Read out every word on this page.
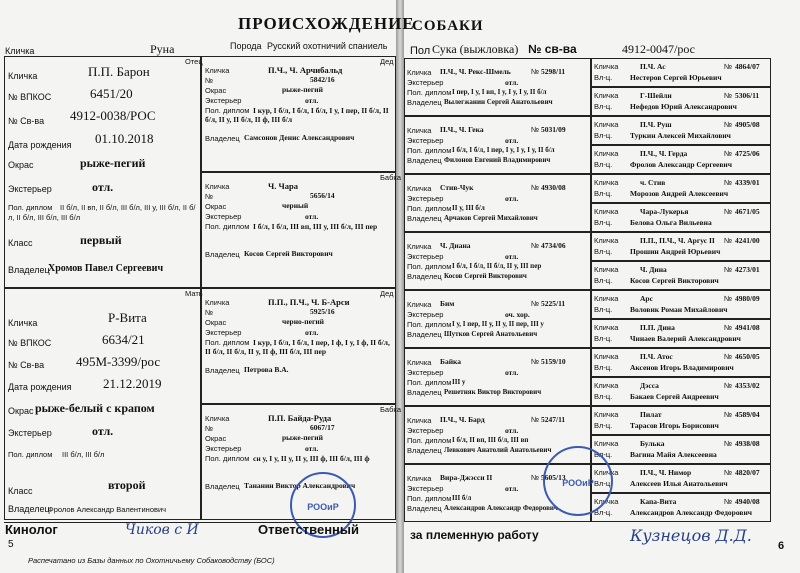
ПРОИСХОЖДЕНИЕ
СОБАКИ
Порода Русский охотничий спаниель
Кличка	Руна	Пол Сука (выжловка) № св-ва	4912-0047/рос
Отец
Кличка	П.П. Барон
№ ВПКОС	6451/20
№ Св-ва 4912-0038/РОС
Дата рождения 01.10.2018
Окрас	рыже-пегий
Экстерьер	отл.
Пол. диплом	II б/л, II вп, II б/л, III б/л, III у, III б/л, II б/л, II б/л, III б/л, III б/л
Класс	первый
Владелец
Хромов Павел Сергеевич
Мать
Кличка	Р-Вита
№ ВПКОС	6634/21
№ Св-ва 495М-3399/рос
Дата рождения 21.12.2019
Окрас рыже-белый с крапом
Экстерьер	отл.
Пол. диплом III б/л, III б/л
Класс	второй
Владелец
Фролов Александр Валентинович
Дед
Кличка	П.Ч., Ч. Арчибальд
№	5842/16
Окрас	рыже-пегий
Экстерьер	отл.
Пол. диплом I кур, I б/л, I б/л, I б/л, I у, I пер, II б/л, II б/л, II у, II б/л, II ф, III б/л
Владелец Самсонов Денис Александрович
Бабка
Кличка	Ч. Чара
№	5656/14
Окрас	черный
Экстерьер	отл.
Пол. диплом I б/л, I б/л, III вп, III у, III б/л, III пер
Владелец Косов Сергей Викторович
Дед
Кличка	П.П., П.Ч., Ч. Б-Арси
№	5925/16
Окрас	черно-пегий
Экстерьер	отл.
Пол. диплом I кур, I б/л, I б/л, I пер, I ф, I у, I ф, II б/л, II б/л, II б/л, II у, II ф, III б/л, III пер
Владелец Петрова В.А.
Бабка
Кличка	П.П. Байда-Руда
№	6067/17
Окрас	рыже-пегий
Экстерьер	отл.
Пол. диплом сн у, I у, II у, II у, III ф, III б/л, III ф
Владелец Тананин Виктор Александрович
Кличка П.Ч., Ч. Рекс-Шмель	№ 5298/11
Экстерьер	отл.
Пол. диплом I пер, I у, I вп, I у, I у, I у, II б/л
Владелец Вылегжанин Сергей Анатольевич
Кличка П.Ч., Ч. Гека	№ 5031/09
Экстерьер	отл.
Пол. диплом I б/л, I б/л, I пер, I у, I у, I у, II б/л
Владелец Филонов Евгений Владимирович
Кличка Стив-Чук	№ 4930/08
Экстерьер	отл.
Пол. диплом II у, III б/л
Владелец Арчаков Сергей Михайлович
Кличка Ч. Диана	№ 4734/06
Экстерьер	отл.
Пол. диплом I б/л, I б/л, II б/л, II у, III пер
Владелец Косов Сергей Викторович
Кличка Бим	№ 5225/11
Экстерьер	оч. хор.
Пол. диплом I у, I пер, II у, II у, II пер, III у
Владелец Шутков Сергей Анатольевич
Кличка Байка	№ 5159/10
Экстерьер	отл.
Пол. диплом III у
Владелец Решетняк Виктор Викторович
Кличка П.Ч., Ч. Бард	№ 5247/11
Экстерьер	отл.
Пол. диплом I б/л, II вп, III б/л, III вп
Владелец Левкович Анатолий Анатольевич
Кличка Вира-Джэсси II	№ 5605/13
Экстерьер	отл.
Пол. диплом III б/л
Владелец Александров Александр Федорович
Кличка	П.Ч. Ас	№ 4864/07
Вл-ц. Нестеров Сергей Юрьевич
Кличка	Г-Шейли	№ 5306/11
Вл-ц. Нефедов Юрий Александрович
Кличка	П.Ч. Руш	№ 4905/08
Вл-ц. Туркин Алексей Михайлович
Кличка	П.Ч., Ч. Герда	№ 4725/06
Вл-ц. Фролов Александр Сергеевич
Кличка	ч. Стив	№ 4339/01
Вл-ц. Морозов Андрей Алексеевич
Кличка	Чара-Лукерья	№ 4671/05
Вл-ц. Белова Ольга Вильевна
Кличка	П.П., П.Ч., Ч. Аргус II № 4241/00
Вл-ц. Прошин Андрей Юрьевич
Кличка	Ч. Дина	№ 4273/01
Вл-ц. Косов Сергей Викторович
Кличка	Арс	№ 4980/09
Вл-ц. Воловик Роман Михайлович
Кличка	П.П. Дина	№ 4941/08
Вл-ц. Чинаев Валерий Александрович
Кличка	П.Ч. Атос	№ 4650/05
Вл-ц. Аксенов Игорь Владимирович
Кличка	Дэсса	№ 4353/02
Вл-ц. Бакаев Сергей Андреевич
Кличка	Пилат	№ 4589/04
Вл-ц. Тарасов Игорь Борисович
Кличка	Булька	№ 4938/08
Вл-ц. Вагина Майя Алексеевна
Кличка	П.Ч., Ч. Нимор	№ 4820/07
Вл-ц. Алексеев Илья Анатольевич
Кличка	Капа-Вита	№ 4940/08
Вл-ц. Александров Александр Федорович
РООиР
РООиР
Кинолог
5
Ответственный	за племенную работу
6
Распечатано из Базы данных по Охотничьему Собаководству (БОС)
Чиков с И	Кузнецов Д.Д.
